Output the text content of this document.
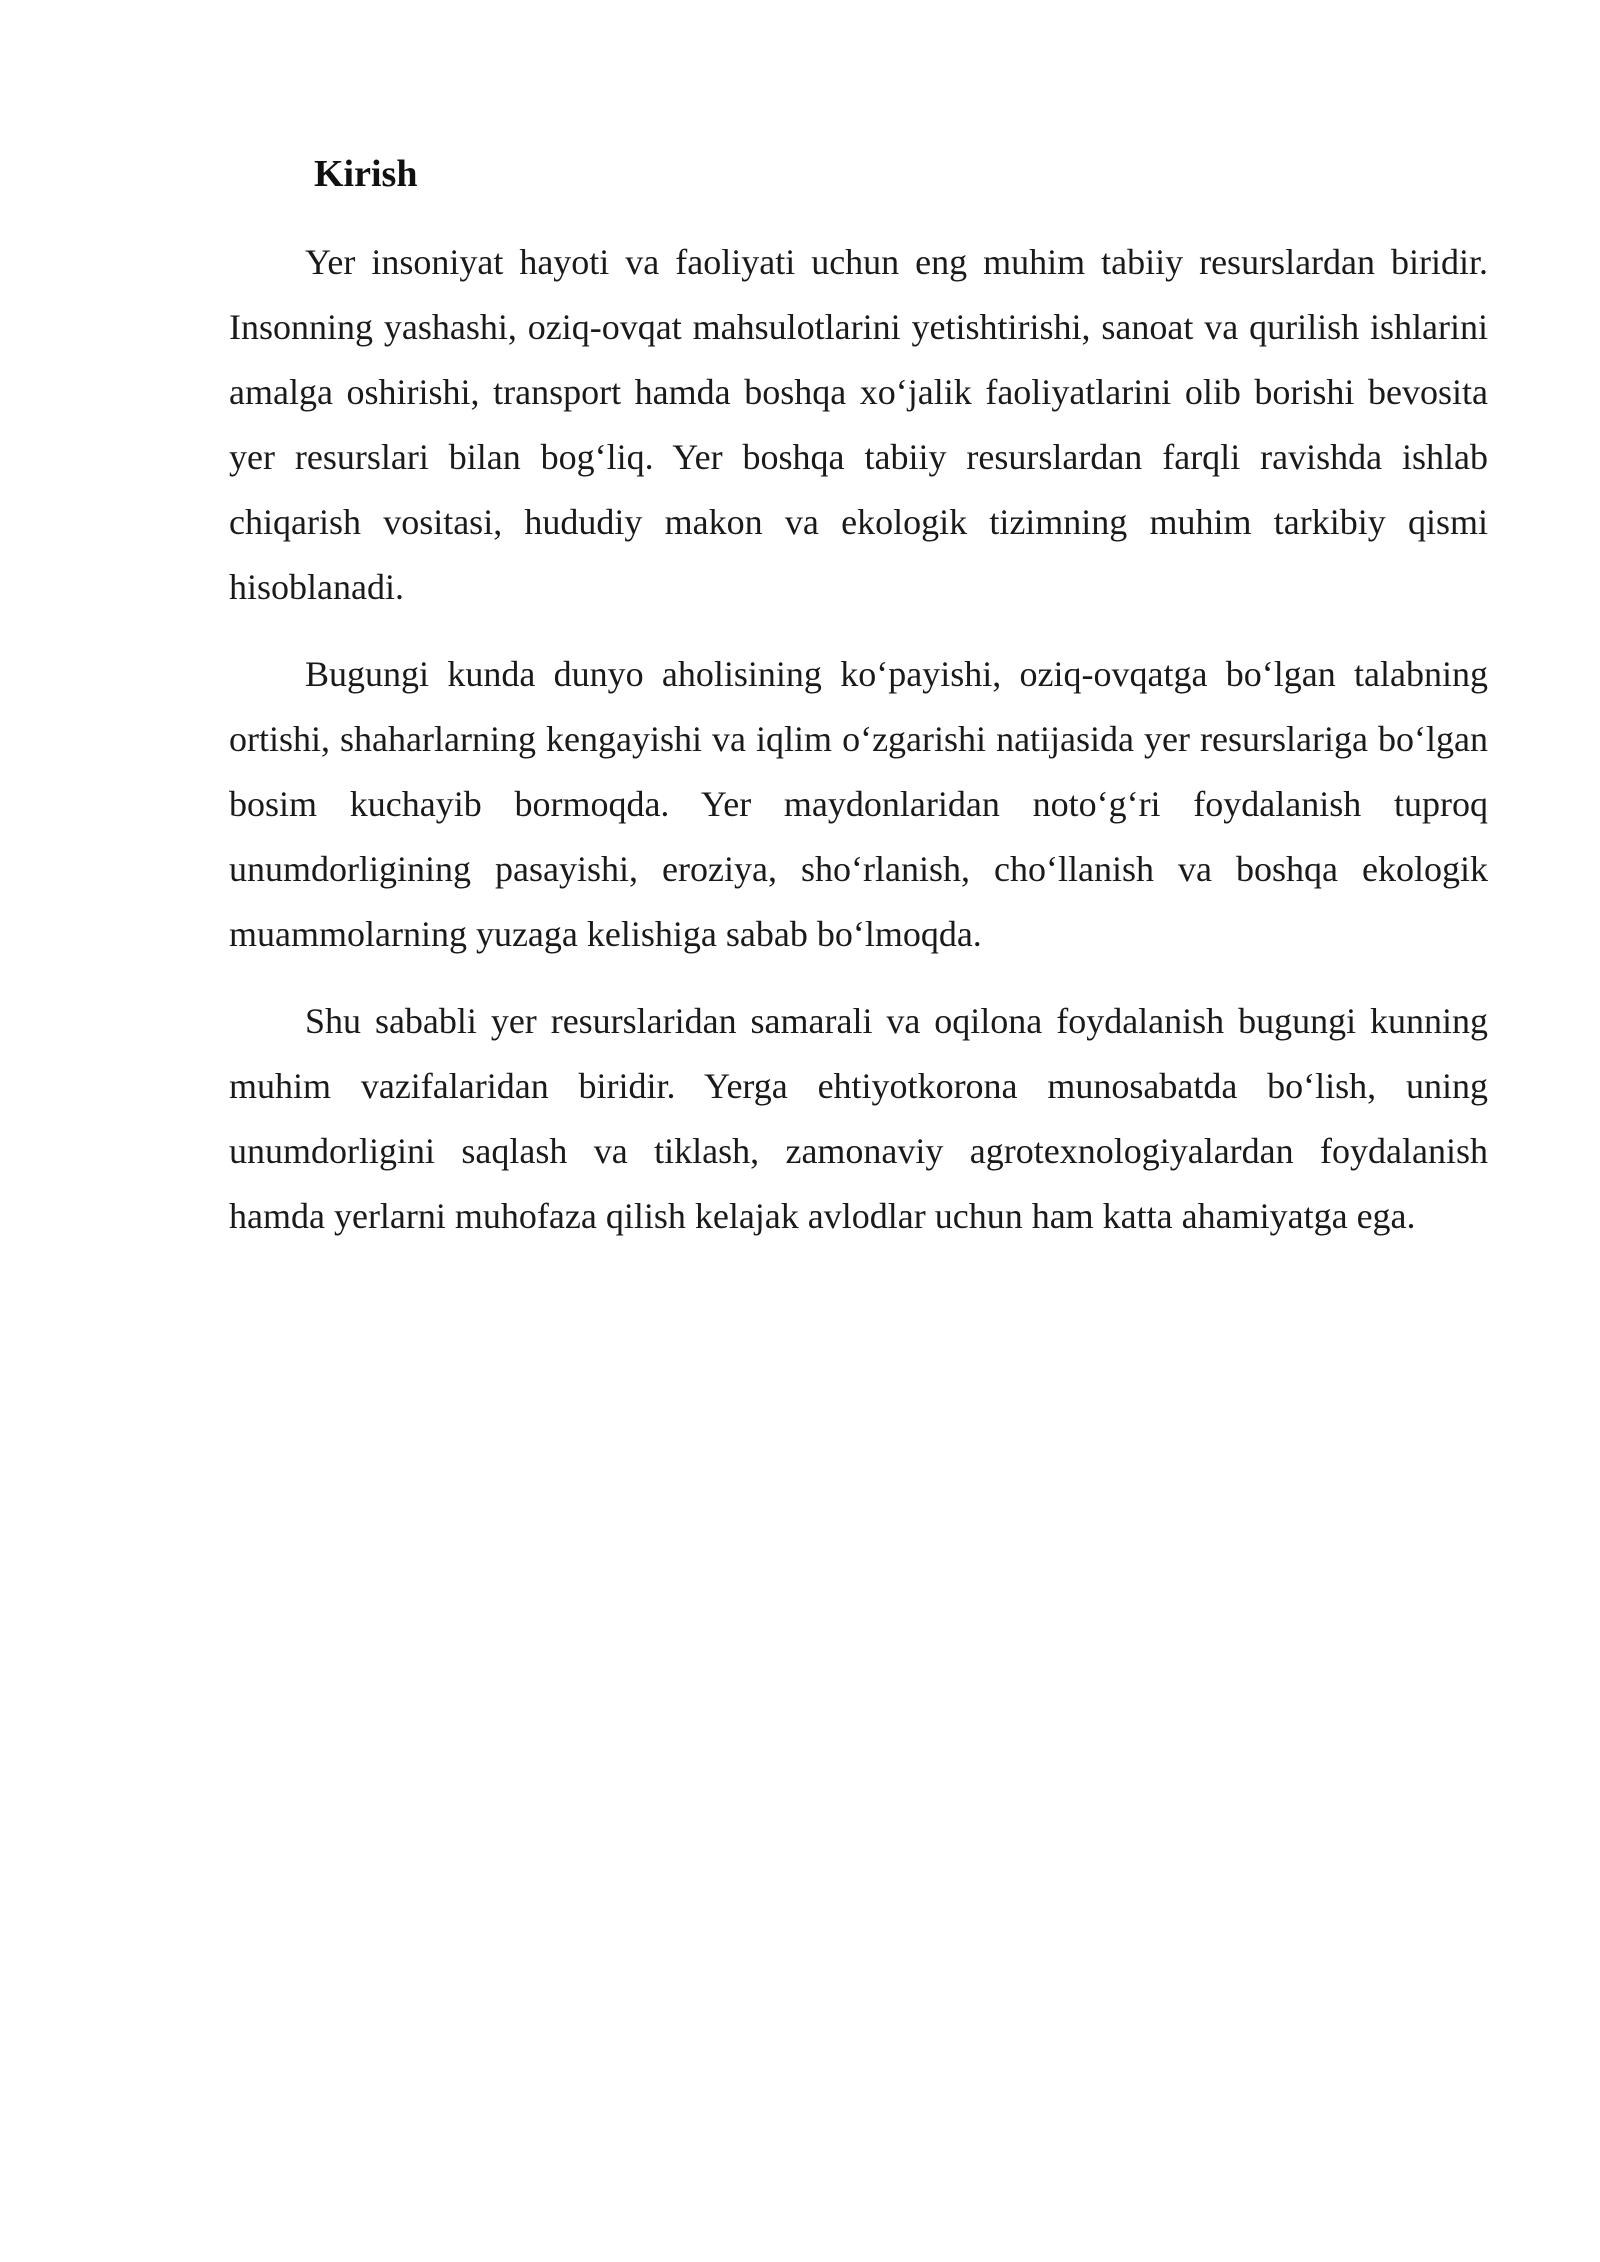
Kirish

Yer insoniyat hayoti va faoliyati uchun eng muhim tabiiy resurslardan biridir. Insonning yashashi, oziq-ovqat mahsulotlarini yetishtirishi, sanoat va qurilish ishlarini amalga oshirishi, transport hamda boshqa xo‘jalik faoliyatlarini olib borishi bevosita yer resurslari bilan bog‘liq. Yer boshqa tabiiy resurslardan farqli ravishda ishlab chiqarish vositasi, hududiy makon va ekologik tizimning muhim tarkibiy qismi hisoblanadi.

Bugungi kunda dunyo aholisining ko‘payishi, oziq-ovqatga bo‘lgan talabning ortishi, shaharlarning kengayishi va iqlim o‘zgarishi natijasida yer resurslariga bo‘lgan bosim kuchayib bormoqda. Yer maydonlaridan noto‘g‘ri foydalanish tuproq unumdorligining pasayishi, eroziya, sho‘rlanish, cho‘llanish va boshqa ekologik muammolarning yuzaga kelishiga sabab bo‘lmoqda.

Shu sababli yer resurslaridan samarali va oqilona foydalanish bugungi kunning muhim vazifalaridan biridir. Yerga ehtiyotkorona munosabatda bo‘lish, uning unumdorligini saqlash va tiklash, zamonaviy agrotexnologiyalardan foydalanish hamda yerlarni muhofaza qilish kelajak avlodlar uchun ham katta ahamiyatga ega.
